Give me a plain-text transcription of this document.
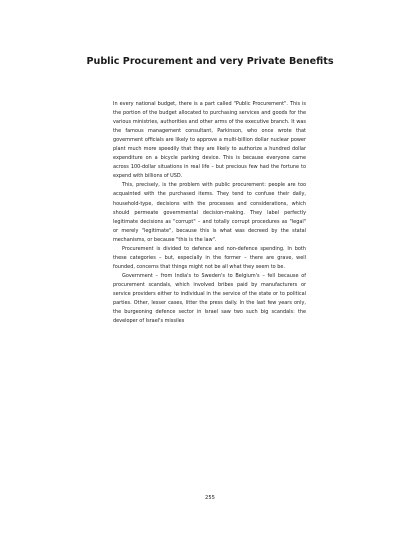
Public Procurement and very Private Benefits

In every national budget, there is a part called "Public Procurement". This is the portion of the budget allocated to purchasing services and goods for the various ministries, authorities and other arms of the executive branch. It was the famous management consultant, Parkinson, who once wrote that government officials are likely to approve a multi-billion dollar nuclear power plant much more speedily that they are likely to authorize a hundred dollar expenditure on a bicycle parking device. This is because everyone came across 100-dollar situations in real life – but precious few had the fortune to expend with billions of USD.

This, precisely, is the problem with public procurement: people are too acquainted with the purchased items. They tend to confuse their daily, household-type, decisions with the processes and considerations, which should permeate governmental decision-making. They label perfectly legitimate decisions as "corrupt" – and totally corrupt procedures as "legal" or merely "legitimate", because this is what was decreed by the statal mechanisms, or because "this is the law".

Procurement is divided to defence and non-defence spending. In both these categories – but, especially in the former – there are grave, well founded, concerns that things might not be all what they seem to be.

Government – from India's to Sweden's to Belgium's – fell because of procurement scandals, which involved bribes paid by manufacturers or service providers either to individual in the service of the state or to political parties. Other, lesser cases, litter the press daily. In the last few years only, the burgeoning defence sector in Israel saw two such big scandals: the developer of Israel's missiles

255
